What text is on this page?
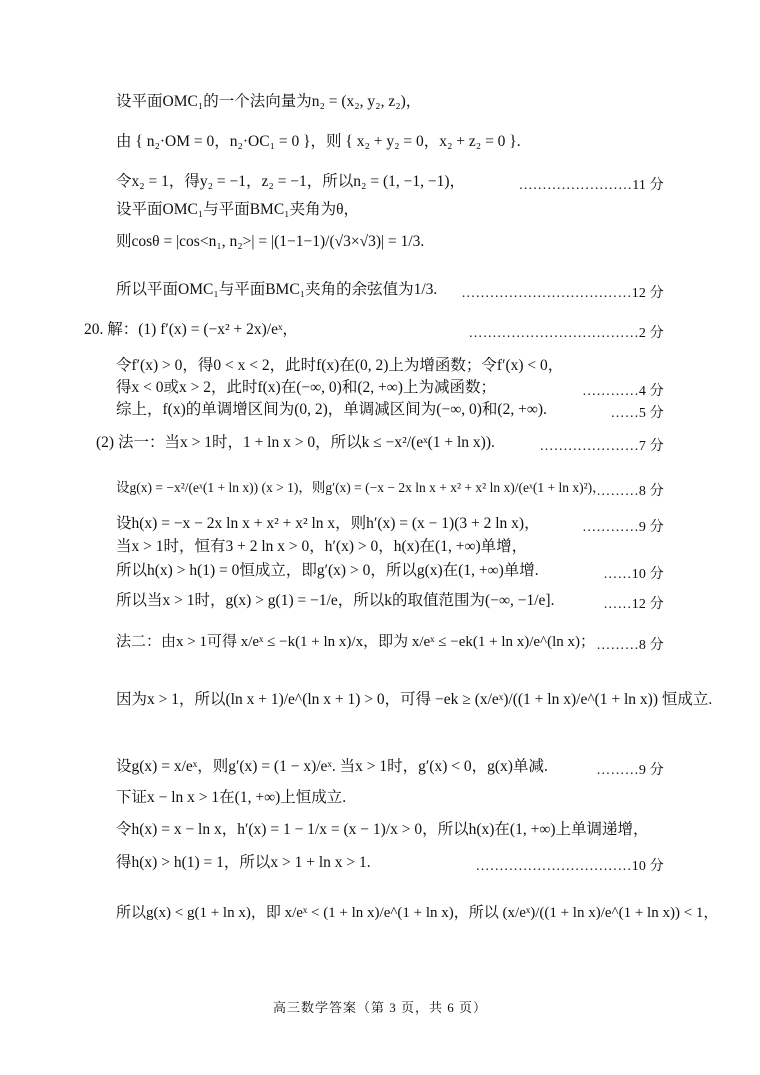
设平面OMC₁的一个法向量为n₂ = (x₂, y₂, z₂)，
由 { n₂·OM = 0，n₂·OC₁ = 0 }，则 { x₂ + y₂ = 0，x₂ + z₂ = 0 }.
令x₂ = 1，得y₂ = −1，z₂ = −1，所以n₂ = (1, −1, −1)，	……………………11 分
设平面OMC₁与平面BMC₁夹角为θ，
则cosθ = |cos<n₁, n₂>| = |(1−1−1)/(√3×√3)| = 1/3.
所以平面OMC₁与平面BMC₁夹角的余弦值为1/3. ………………………………12 分
20. 解：(1) f′(x) = (−x² + 2x)/eˣ，	………………………………2 分
令f′(x) > 0，得0 < x < 2，此时f(x)在(0, 2)上为增函数；令f′(x) < 0，
得x < 0或x > 2，此时f(x)在(−∞, 0)和(2, +∞)上为减函数；	…………4 分
综上，f(x)的单调增区间为(0, 2)，单调减区间为(−∞, 0)和(2, +∞).	……5 分
(2) 法一：当x > 1时，1 + ln x > 0，所以k ≤ −x²/(eˣ(1 + ln x)).	…………………7 分
设g(x) = −x²/(eˣ(1 + ln x)) (x > 1)，则g′(x) = (−x − 2x ln x + x² + x² ln x)/(eˣ(1 + ln x)²)，
………8 分
设h(x) = −x − 2x ln x + x² + x² ln x，则h′(x) = (x − 1)(3 + 2 ln x)，	…………9 分
当x > 1时，恒有3 + 2 ln x > 0，h′(x) > 0，h(x)在(1, +∞)单增，
所以h(x) > h(1) = 0恒成立，即g′(x) > 0，所以g(x)在(1, +∞)单增.	……10 分
所以当x > 1时，g(x) > g(1) = −1/e，所以k的取值范围为(−∞, −1/e].	……12 分
法二：由x > 1可得 x/eˣ ≤ −k(1 + ln x)/x，即为 x/eˣ ≤ −ek(1 + ln x)/e^(ln x)； ………8 分
因为x > 1，所以(ln x + 1)/e^(ln x + 1) > 0，可得 −ek ≥ (x/eˣ)/((1 + ln x)/e^(1 + ln x)) 恒成立.
设g(x) = x/eˣ，则g′(x) = (1 − x)/eˣ. 当x > 1时，g′(x) < 0，g(x)单减.	………9 分
下证x − ln x > 1在(1, +∞)上恒成立.
令h(x) = x − ln x，h′(x) = 1 − 1/x = (x − 1)/x > 0，所以h(x)在(1, +∞)上单调递增，
得h(x) > h(1) = 1，所以x > 1 + ln x > 1.	……………………………10 分
所以g(x) < g(1 + ln x)，即 x/eˣ < (1 + ln x)/e^(1 + ln x)，所以 (x/eˣ)/((1 + ln x)/e^(1 + ln x)) < 1，
高三数学答案（第 3 页，共 6 页）
